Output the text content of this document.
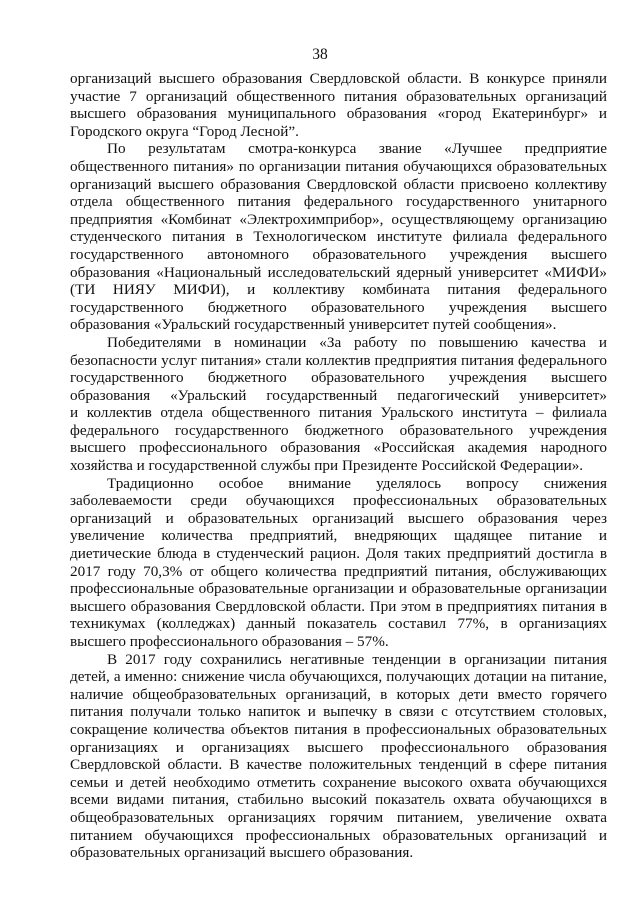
38
организаций высшего образования Свердловской области. В конкурсе приняли
участие 7 организаций общественного питания образовательных организаций
высшего образования муниципального образования «город Екатеринбург» и
Городского округа “Город Лесной”.
По результатам смотра-конкурса звание «Лучшее предприятие
общественного питания» по организации питания обучающихся образовательных
организаций высшего образования Свердловской области присвоено коллективу
отдела общественного питания федерального государственного унитарного
предприятия «Комбинат «Электрохимприбор», осуществляющему организацию
студенческого питания в Технологическом институте филиала федерального
государственного автономного образовательного учреждения высшего
образования «Национальный исследовательский ядерный университет «МИФИ»
(ТИ НИЯУ МИФИ), и коллективу комбината питания федерального
государственного бюджетного образовательного учреждения высшего
образования «Уральский государственный университет путей сообщения».
Победителями в номинации «За работу по повышению качества и
безопасности услуг питания» стали коллектив предприятия питания федерального
государственного бюджетного образовательного учреждения высшего
образования «Уральский государственный педагогический университет»
и коллектив отдела общественного питания Уральского института – филиала
федерального государственного бюджетного образовательного учреждения
высшего профессионального образования «Российская академия народного
хозяйства и государственной службы при Президенте Российской Федерации».
Традиционно особое внимание уделялось вопросу снижения
заболеваемости среди обучающихся профессиональных образовательных
организаций и образовательных организаций высшего образования через
увеличение количества предприятий, внедряющих щадящее питание и
диетические блюда в студенческий рацион. Доля таких предприятий достигла в
2017 году 70,3% от общего количества предприятий питания, обслуживающих
профессиональные образовательные организации и образовательные организации
высшего образования Свердловской области. При этом в предприятиях питания в
техникумах (колледжах) данный показатель составил 77%, в организациях
высшего профессионального образования – 57%.
В 2017 году сохранились негативные тенденции в организации питания
детей, а именно: снижение числа обучающихся, получающих дотации на питание,
наличие общеобразовательных организаций, в которых дети вместо горячего
питания получали только напиток и выпечку в связи с отсутствием столовых,
сокращение количества объектов питания в профессиональных образовательных
организациях и организациях высшего профессионального образования
Свердловской области. В качестве положительных тенденций в сфере питания
семьи и детей необходимо отметить сохранение высокого охвата обучающихся
всеми видами питания, стабильно высокий показатель охвата обучающихся в
общеобразовательных организациях горячим питанием, увеличение охвата
питанием обучающихся профессиональных образовательных организаций и
образовательных организаций высшего образования.
